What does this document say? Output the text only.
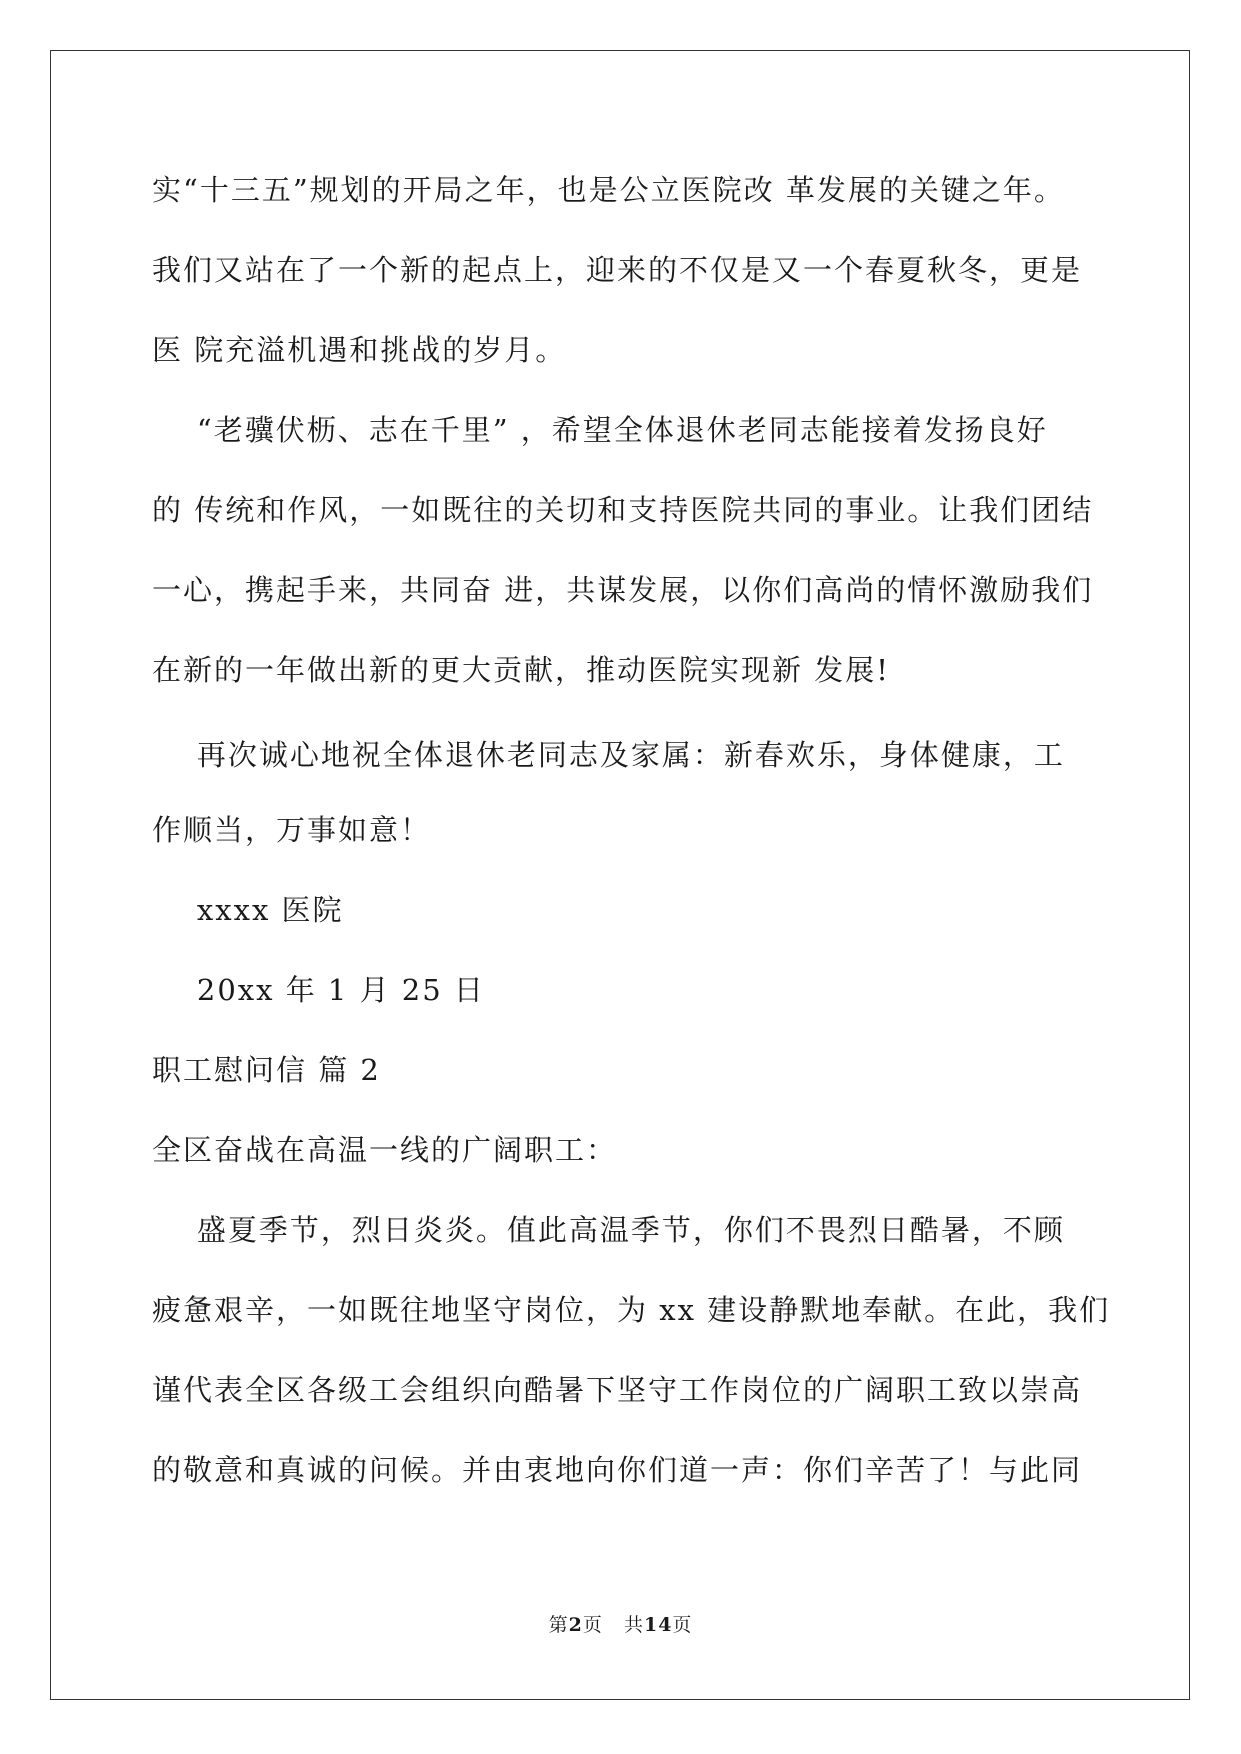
实“十三五”规划的开局之年，也是公立医院改 革发展的关键之年。
我们又站在了一个新的起点上，迎来的不仅是又一个春夏秋冬，更是
医 院充溢机遇和挑战的岁月。
“老骥伏枥、志在千里” ，希望全体退休老同志能接着发扬良好
的 传统和作风，一如既往的关切和支持医院共同的事业。让我们团结
一心，携起手来，共同奋 进，共谋发展，以你们高尚的情怀激励我们
在新的一年做出新的更大贡献，推动医院实现新 发展!
再次诚心地祝全体退休老同志及家属：新春欢乐，身体健康，工
作顺当，万事如意！
xxxx 医院
20xx 年 1 月 25 日
职工慰问信 篇 2
全区奋战在高温一线的广阔职工：
盛夏季节，烈日炎炎。值此高温季节，你们不畏烈日酷暑，不顾
疲惫艰辛，一如既往地坚守岗位，为 xx 建设静默地奉献。在此，我们
谨代表全区各级工会组织向酷暑下坚守工作岗位的广阔职工致以崇高
的敬意和真诚的问候。并由衷地向你们道一声：你们辛苦了！与此同
第2页 共14页
